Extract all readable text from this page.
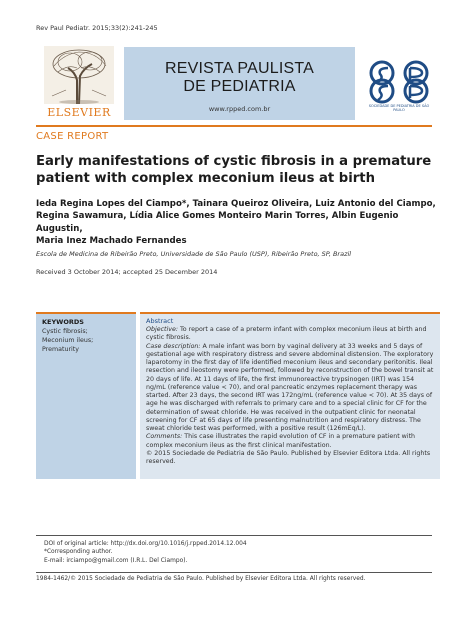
Rev Paul Pediatr. 2015;33(2):241-245
ELSEVIER
REVISTA PAULISTA
DE PEDIATRIA
www.rpped.com.br	SOCIEDADE DE PEDIATRIA DE SÃO PAULO
CASE REPORT
Early manifestations of cystic fibrosis in a premature
patient with complex meconium ileus at birth
Ieda Regina Lopes del Ciampo*, Tainara Queiroz Oliveira, Luiz Antonio del Ciampo,
Regina Sawamura, Lídia Alice Gomes Monteiro Marin Torres, Albin Eugenio Augustin,
Maria Inez Machado Fernandes
Escola de Medicina de Ribeirão Preto, Universidade de São Paulo (USP), Ribeirão Preto, SP, Brazil
Received 3 October 2014; accepted 25 December 2014
KEYWORDS
Cystic fibrosis;
Meconium ileus;
Prematurity
Abstract

Objective: To report a case of a preterm infant with complex meconium ileus at birth and cystic fibrosis.

Case description: A male infant was born by vaginal delivery at 33 weeks and 5 days of gestational age with respiratory distress and severe abdominal distension. The exploratory laparotomy in the first day of life identified meconium ileus and secondary peritonitis. Ileal resection and ileostomy were performed, followed by reconstruction of the bowel transit at 20 days of life. At 11 days of life, the first immunoreactive trypsinogen (IRT) was 154 ng/mL (reference value < 70), and oral pancreatic enzymes replacement therapy was started. After 23 days, the second IRT was 172ng/mL (reference value < 70). At 35 days of age he was discharged with referrals to primary care and to a special clinic for CF for the determination of sweat chloride. He was received in the outpatient clinic for neonatal screening for CF at 65 days of life presenting malnutrition and respiratory distress. The sweat chloride test was performed, with a positive result (126mEq/L).

Comments: This case illustrates the rapid evolution of CF in a premature patient with complex meconium ileus as the first clinical manifestation.

© 2015 Sociedade de Pediatria de São Paulo. Published by Elsevier Editora Ltda. All rights reserved.

DOI of original article: http://dx.doi.org/10.1016/j.rpped.2014.12.004
*Corresponding author.
E-mail: irciampo@gmail.com (I.R.L. Del Ciampo).
1984-1462/© 2015 Sociedade de Pediatria de São Paulo. Published by Elsevier Editora Ltda. All rights reserved.
